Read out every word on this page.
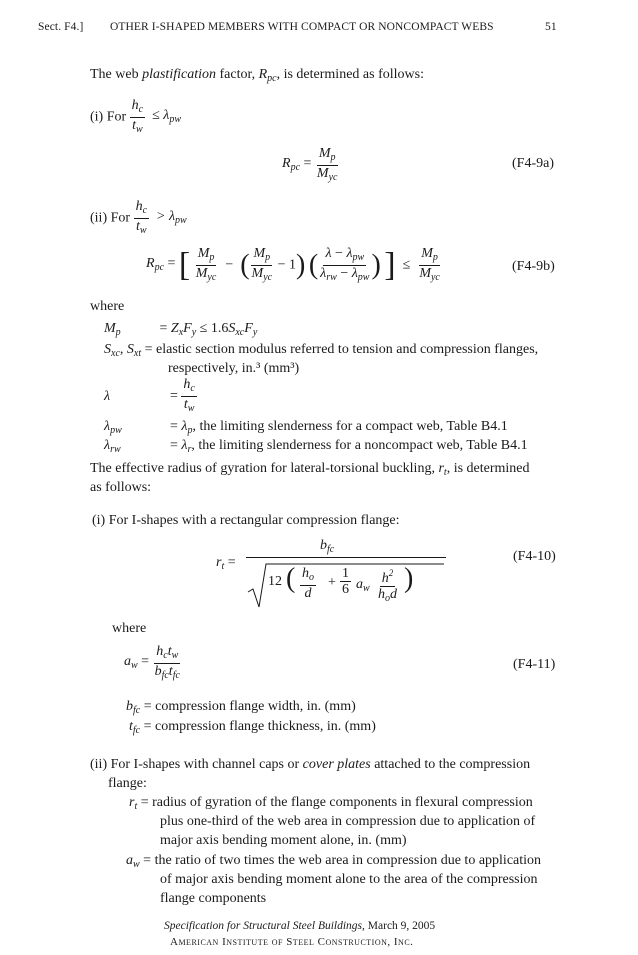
Sect. F4.] OTHER I-SHAPED MEMBERS WITH COMPACT OR NONCOMPACT WEBS	51
The web plastification factor, $R_{pc}$, is determined as follows:
(i) For $\frac{h_c}{t_w} \le \lambda_{pw}$
$R_{pc} = \frac{M_p}{M_{yc}}$	(F4-9a)
(ii) For $\frac{h_c}{t_w} > \lambda_{pw}$
$R_{pc}$ = [ $\frac{M_p}{M_{yc}}$ −  ( $\frac{M_p}{M_{yc}} - 1$) ( $\frac{\lambda - \lambda_{pw}}{\lambda_{rw} - \lambda_{pw}}$ ) ]  ≤ $\frac{M_p}{M_{yc}}$	(F4-9b)
where
$M_p$	= $Z_xF_y \le 1.6S_{xc}F_y$
$S_{xc}$, $S_{xt}$ = elastic section modulus referred to tension and compression flanges,
respectively, in.³ (mm³)
λ	= $\frac{h_c}{t_w}$
$\lambda_{pw}$	= $\lambda_p$, the limiting slenderness for a compact web, Table B4.1
$\lambda_{rw}$	= $\lambda_r$, the limiting slenderness for a noncompact web, Table B4.1
The effective radius of gyration for lateral-torsional buckling, $r_t$, is determined
as follows:
(i) For I-shapes with a rectangular compression flange:
$r_t$ =
$b_{fc}$
12 ( $\frac{h_o}{d} + \frac{1}{6} a_w$
$h^2$
$h_od$
)
(F4-10)
where
$a_w = \frac{h_ct_w}{b_{fc}t_{fc}}$	(F4-11)
$b_{fc}$ = compression flange width, in. (mm)
$t_{fc}$ = compression flange thickness, in. (mm)
(ii) For I-shapes with channel caps or cover plates attached to the compression
flange:
$r_t$ = radius of gyration of the flange components in flexural compression
plus one-third of the web area in compression due to application of
major axis bending moment alone, in. (mm)
$a_w$ = the ratio of two times the web area in compression due to application
of major axis bending moment alone to the area of the compression
flange components
Specification for Structural Steel Buildings, March 9, 2005
American Institute of Steel Construction, Inc.
